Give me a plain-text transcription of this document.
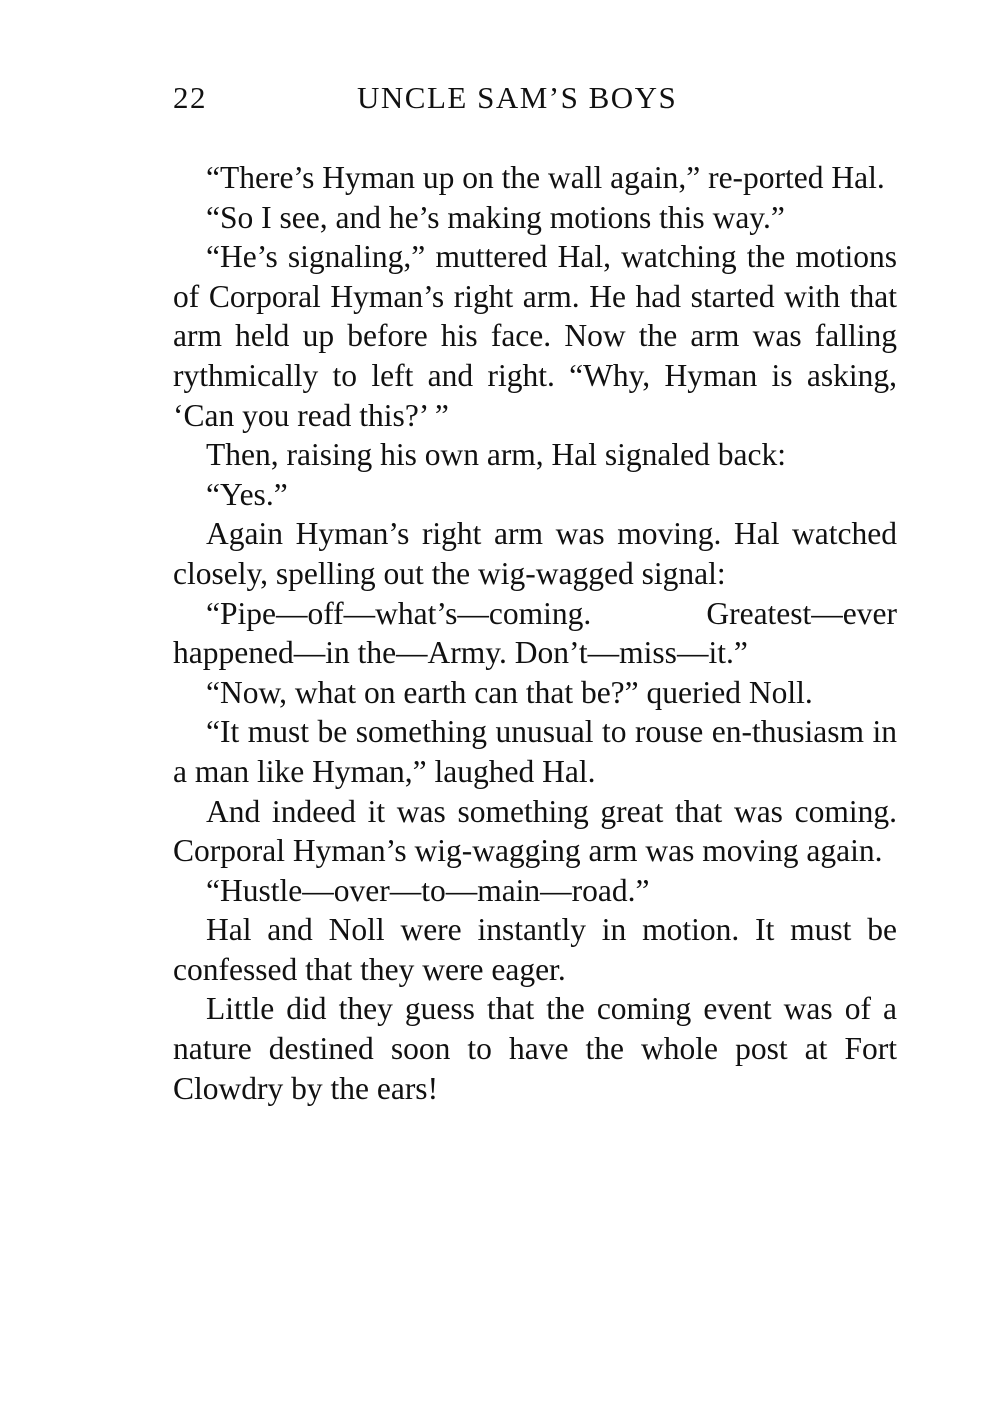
22	UNCLE SAM’S BOYS

“There’s Hyman up on the wall again,” re-ported Hal.

“So I see, and he’s making motions this way.”

“He’s signaling,” muttered Hal, watching the motions of Corporal Hyman’s right arm. He had started with that arm held up before his face. Now the arm was falling rythmically to left and right. “Why, Hyman is asking, ‘Can you read this?’ ”

Then, raising his own arm, Hal signaled back:

“Yes.”

Again Hyman’s right arm was moving. Hal watched closely, spelling out the wig-wagged signal:

“Pipe—off—what’s—coming. Greatest—ever happened—in the—Army. Don’t—miss—it.”

“Now, what on earth can that be?” queried Noll.

“It must be something unusual to rouse en-thusiasm in a man like Hyman,” laughed Hal.

And indeed it was something great that was coming. Corporal Hyman’s wig-wagging arm was moving again.

“Hustle—over—to—main—road.”

Hal and Noll were instantly in motion. It must be confessed that they were eager.

Little did they guess that the coming event was of a nature destined soon to have the whole post at Fort Clowdry by the ears!
